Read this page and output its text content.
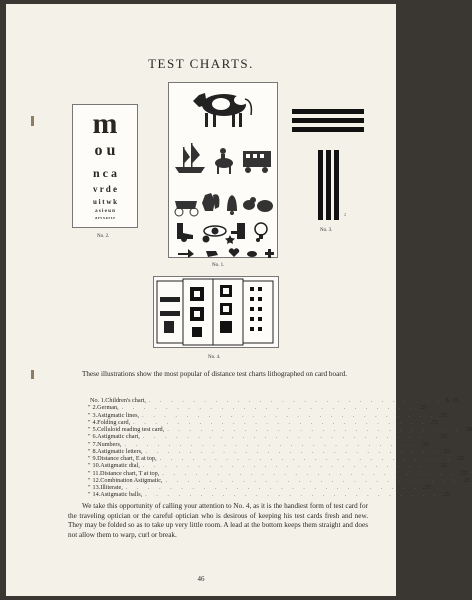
TEST CHARTS.
m
o u
n c a
v r d e
u i t w k
a s i e u n
a e v x a r s e
No. 2.
No. 1.
2
No. 3.
No. 4.
These illustrations show the most popular of distance test charts lithographed on card board.
No. 1. Children's chart, . . . . . . . . . . . . . . . . . . . . . . . . . . . $ .35
" 2. German, . . . . . . . . . . . . . . . . . . . . . . . . . . . .25
" 3. Astigmatic lines, . . . . . . . . . . . . . . . . . . . . . . . . . . . .25
" 4. Folding card, . . . . . . . . . . . . . . . . . . . . . . . . . . . .75
" 5. Celluloid reading test card, . . . . . . . . . . . . . . . . . . . . . . . . . . . .30
" 6. Astigmatic chart, . . . . . . . . . . . . . . . . . . . . . . . . . . . .35
" 7. Numbers, . . . . . . . . . . . . . . . . . . . . . . . . . . . .25
" 8. Astigmatic letters, . . . . . . . . . . . . . . . . . . . . . . . . . . . .15
" 9. Distance chart, E at top, . . . . . . . . . . . . . . . . . . . . . . . . . . . .25
" 10. Astigmatic dial, . . . . . . . . . . . . . . . . . . . . . . . . . . . .35
" 11. Distance chart, T at top, . . . . . . . . . . . . . . . . . . . . . . . . . . . .25
" 12. Combination Astigmatic, . . . . . . . . . . . . . . . . . . . . . . . . . . . .25
" 13. Illiterate, . . . . . . . . . . . . . . . . . . . . . . . . . . . .25
" 14. Astigmatic balls, . . . . . . . . . . . . . . . . . . . . . . . . . . . .25
We take this opportunity of calling your attention to No. 4, as it is the handiest form of test card for the traveling optician or the careful optician who is desirous of keeping his test cards fresh and new. They may be folded so as to take up very little room. A lead at the bottom keeps them straight and does not allow them to warp, curl or break.
46
